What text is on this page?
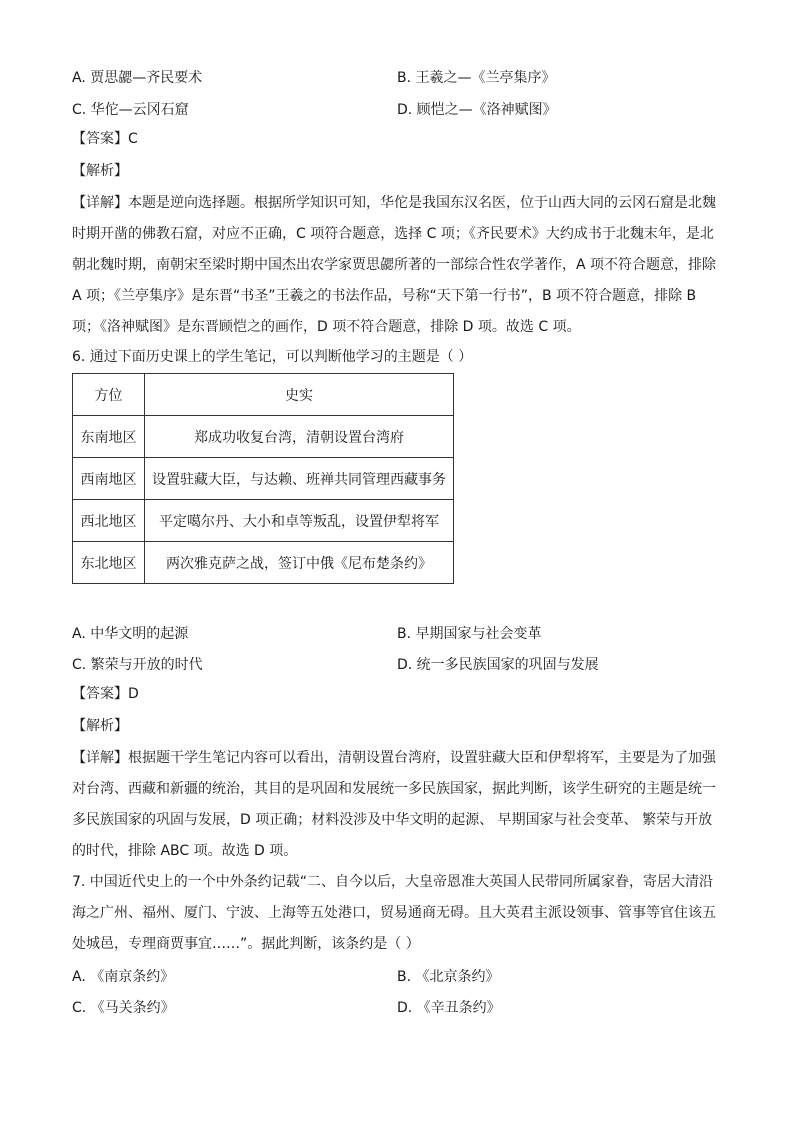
A. 贾思勰—齐民要术	B. 王羲之—《兰亭集序》
C. 华佗—云冈石窟	D. 顾恺之—《洛神赋图》
【答案】C
【解析】
【详解】本题是逆向选择题。根据所学知识可知，华佗是我国东汉名医，位于山西大同的云冈石窟是北魏
时期开凿的佛教石窟，对应不正确，C 项符合题意，选择 C 项；《齐民要术》大约成书于北魏末年，是北
朝北魏时期，南朝宋至梁时期中国杰出农学家贾思勰所著的一部综合性农学著作，A 项不符合题意，排除
A 项；《兰亭集序》是东晋“书圣”王羲之的书法作品，号称“天下第一行书”，B 项不符合题意，排除 B
项；《洛神赋图》是东晋顾恺之的画作，D 项不符合题意，排除 D 项。故选 C 项。
6. 通过下面历史课上的学生笔记，可以判断他学习的主题是（ ）
方位	史实
东南地区	郑成功收复台湾，清朝设置台湾府
西南地区	设置驻藏大臣，与达赖、班禅共同管理西藏事务
西北地区	平定噶尔丹、大小和卓等叛乱，设置伊犁将军
东北地区	两次雅克萨之战，签订中俄《尼布楚条约》
A. 中华文明的起源	B. 早期国家与社会变革
C. 繁荣与开放的时代	D. 统一多民族国家的巩固与发展
【答案】D
【解析】
【详解】根据题干学生笔记内容可以看出，清朝设置台湾府，设置驻藏大臣和伊犁将军，主要是为了加强
对台湾、西藏和新疆的统治，其目的是巩固和发展统一多民族国家，据此判断，该学生研究的主题是统一
多民族国家的巩固与发展，D 项正确；材料没涉及中华文明的起源、 早期国家与社会变革、 繁荣与开放
的时代，排除 ABC 项。故选 D 项。
7. 中国近代史上的一个中外条约记载“二、自今以后，大皇帝恩准大英国人民带同所属家眷，寄居大清沿
海之广州、福州、厦门、宁波、上海等五处港口，贸易通商无碍。且大英君主派设领事、管事等官住该五
处城邑，专理商贾事宜……”。据此判断，该条约是（ ）
A. 《南京条约》	B. 《北京条约》
C. 《马关条约》	D. 《辛丑条约》
